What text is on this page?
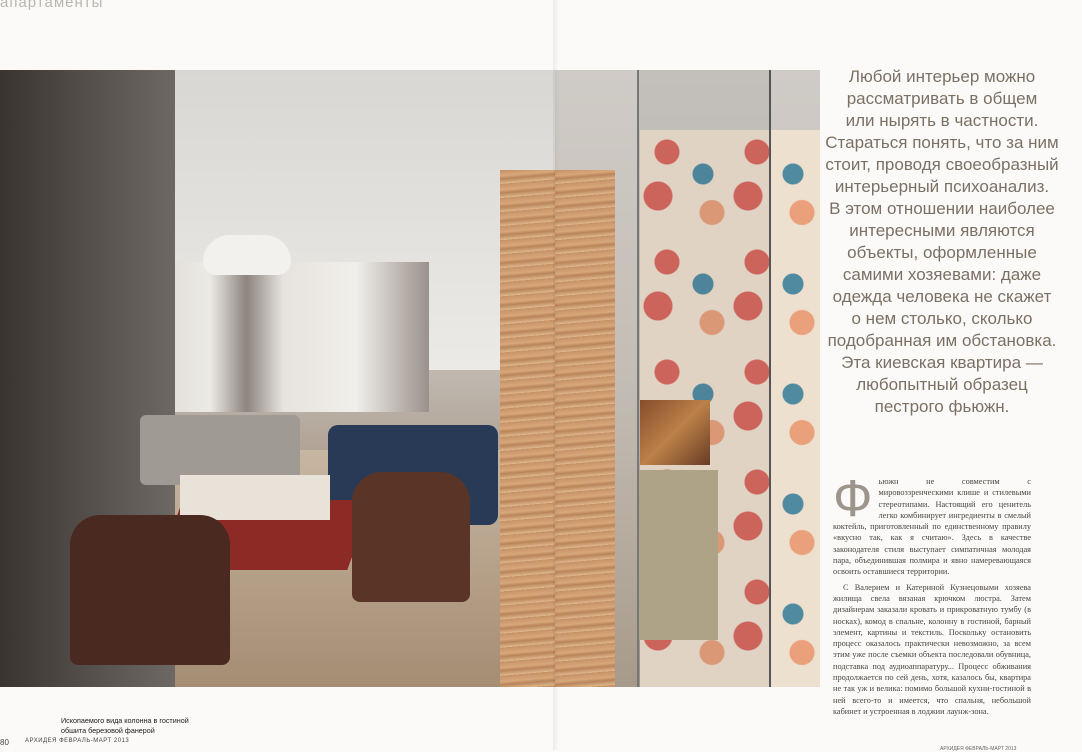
апартаменты
Любой интерьер можно
рассматривать в общем
или нырять в частности.
Стараться понять, что за ним
стоит, проводя своеобразный
интерьерный психоанализ.
В этом отношении наиболее
интересными являются
объекты, оформленные
самими хозяевами: даже
одежда человека не скажет
о нем столько, сколько
подобранная им обстановка.
Эта киевская квартира —
любопытный образец
пестрого фьюжн.
Ф ьюжн не совместим с мировоззренческими клише и стилевыми стереотипами. Настоящий его ценитель легко комбинирует ингредиенты в смелый коктейль, приготовленный по единственному правилу «вкусно так, как я считаю». Здесь в качестве законодателя стиля выступает симпатичная молодая пара, объединившая полмира и явно намеревающаяся освоить оставшиеся территории.

С Валерием и Катериной Кузнецовыми хозяева жилища свела вязаная крючком люстра. Затем дизайнерам заказали кровать и прикроватную тумбу (в носках), комод в спальне, колонну в гостиной, барный элемент, картины и текстиль. Поскольку остановить процесс оказалось практически невозможно, за всем этим уже после съемки объекта последовали обувница, подставка под аудиоаппаратуру... Процесс обживания продолжается по сей день, хотя, казалось бы, квартира не так уж и велика: помимо большой кухни-гостиной в ней всего-то и имеется, что спальня, небольшой кабинет и устроенная в лоджии лаунж-зона.

Ископаемого вида колонна в гостиной
обшита березовой фанерой
80	АРХИДЕЯ ФЕВРАЛЬ-МАРТ 2013
АРХИДЕЯ ФЕВРАЛЬ-МАРТ 2013
